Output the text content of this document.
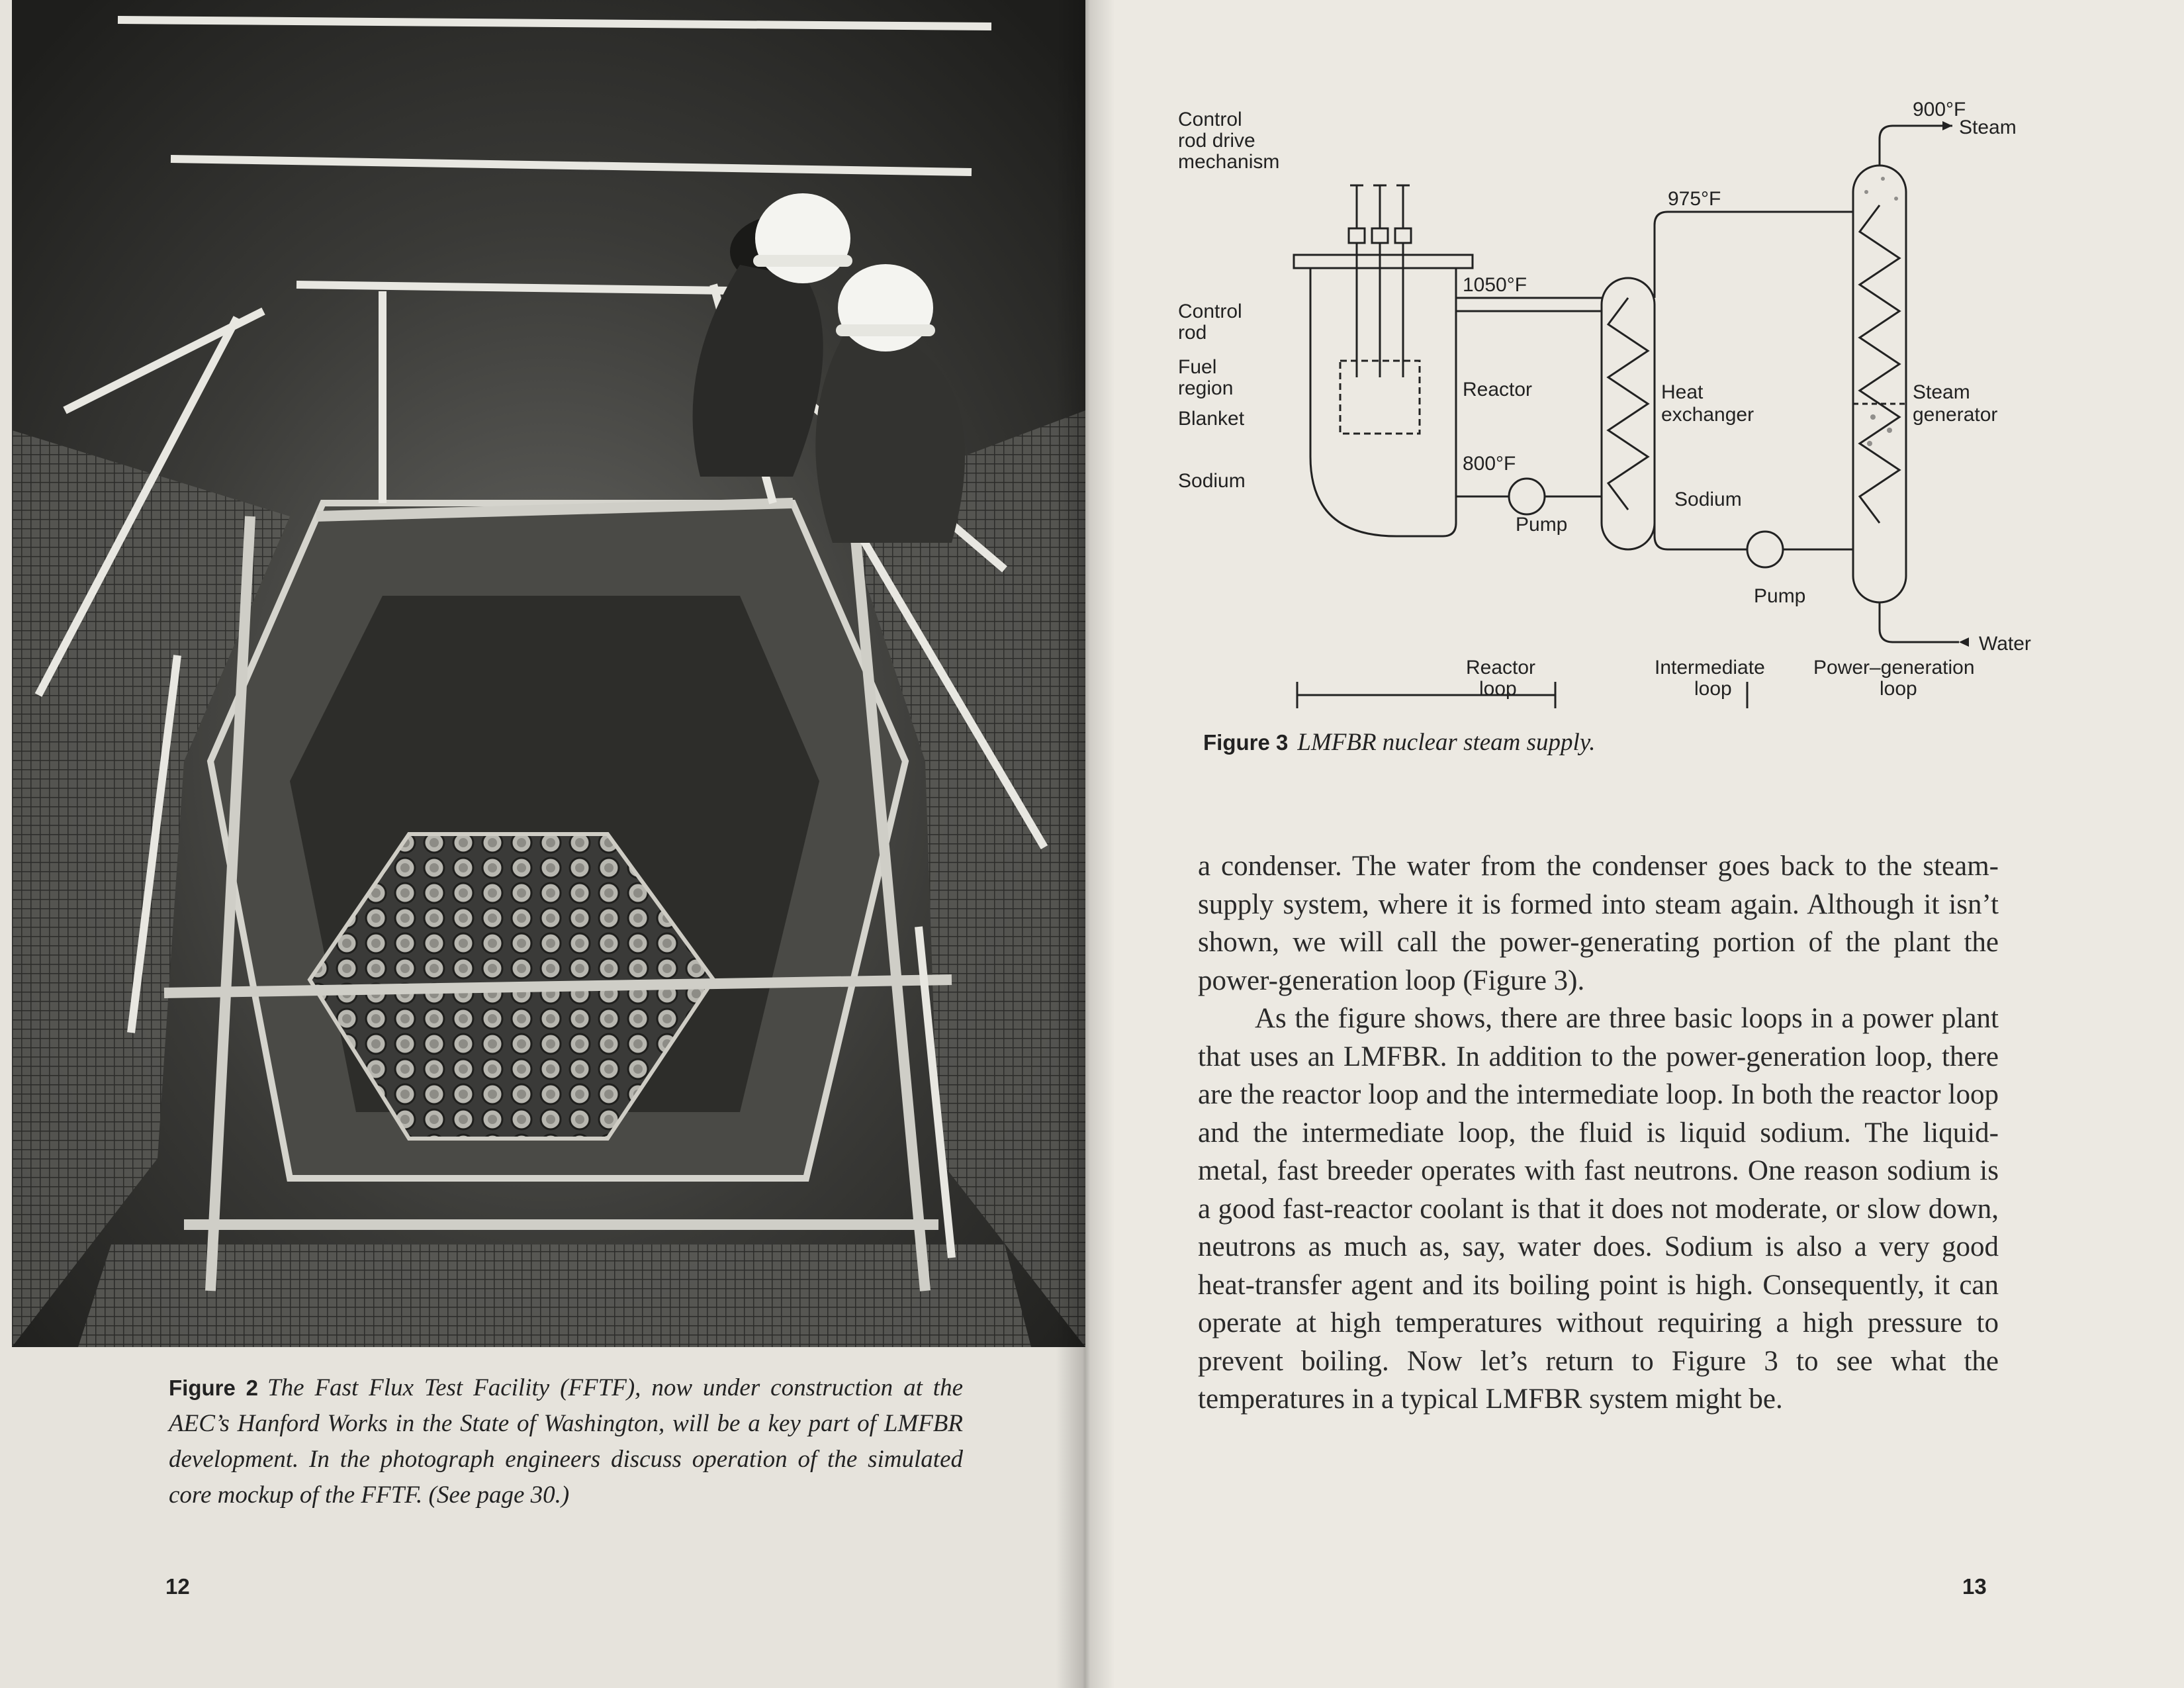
Figure 2 The Fast Flux Test Facility (FFTF), now under construction at the AEC’s Hanford Works in the State of Washington, will be a key part of LMFBR development. In the photograph engineers discuss operation of the simulated core mockup of the FFTF. (See page 30.)
12
900°F
Steam
Control
rod drive
mechanism
975°F
Control
rod
1050°F
Fuel
region	Reactor
Blanket
Heat
exchanger
Steam
generator
800°F
Sodium
Pump
Sodium
Pump
Water
Reactor
loop
Intermediate
loop
Power–generation
loop
Figure 3 LMFBR nuclear steam supply.

a condenser. The water from the condenser goes back to the steam-supply system, where it is formed into steam again. Although it isn’t shown, we will call the power-generating portion of the plant the power-generation loop (Figure 3).

As the figure shows, there are three basic loops in a power plant that uses an LMFBR. In addition to the power-generation loop, there are the reactor loop and the intermediate loop. In both the reactor loop and the intermediate loop, the fluid is liquid sodium. The liquid-metal, fast breeder operates with fast neutrons. One reason sodium is a good fast-reactor coolant is that it does not moderate, or slow down, neutrons as much as, say, water does. Sodium is also a very good heat-transfer agent and its boiling point is high. Consequently, it can operate at high temperatures without requiring a high pressure to prevent boiling. Now let’s return to Figure 3 to see what the temperatures in a typical LMFBR system might be.

13
